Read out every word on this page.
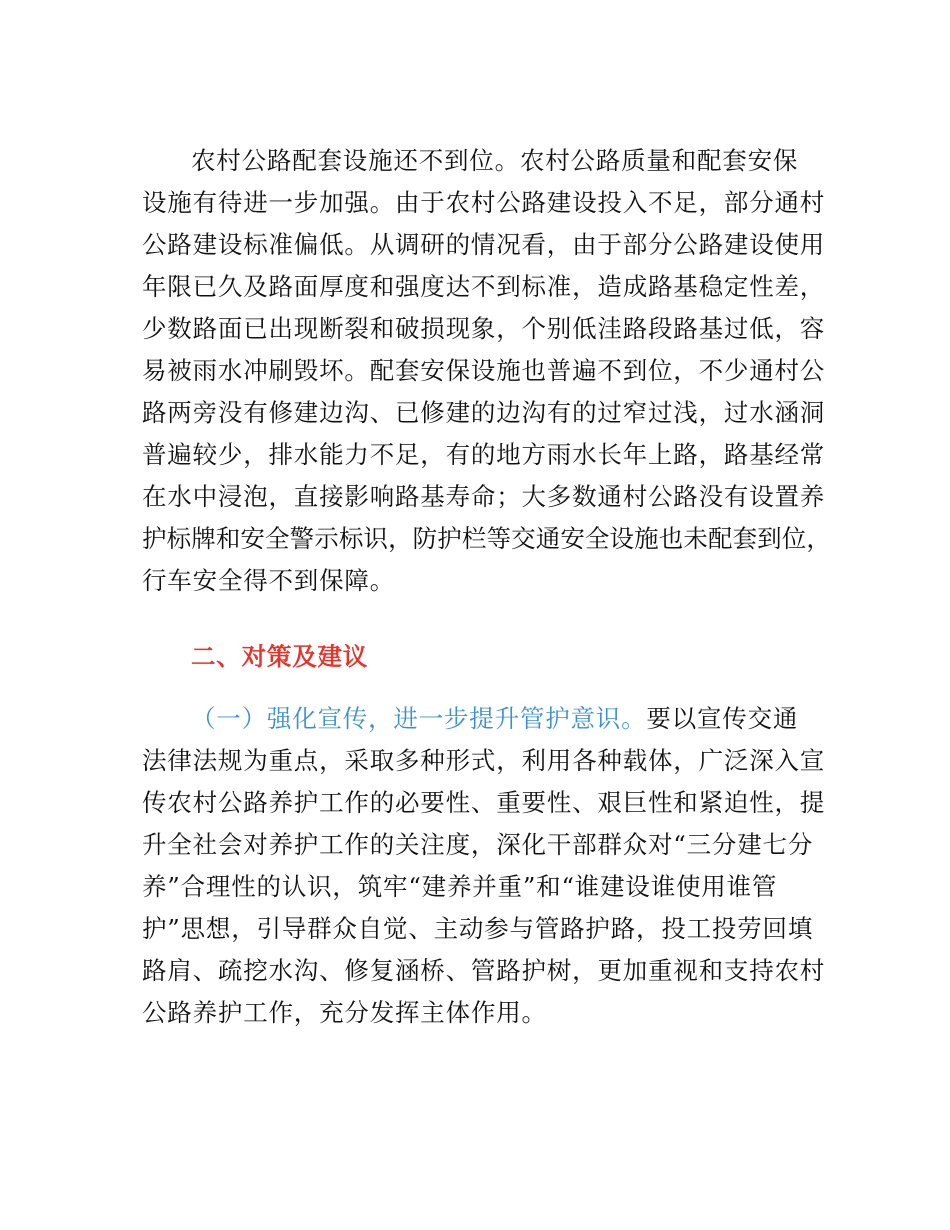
农村公路配套设施还不到位。农村公路质量和配套安保
设施有待进一步加强。由于农村公路建设投入不足，部分通村
公路建设标准偏低。从调研的情况看，由于部分公路建设使用
年限已久及路面厚度和强度达不到标准，造成路基稳定性差，
少数路面已出现断裂和破损现象，个别低洼路段路基过低，容
易被雨水冲刷毁坏。配套安保设施也普遍不到位，不少通村公
路两旁没有修建边沟、已修建的边沟有的过窄过浅，过水涵洞
普遍较少，排水能力不足，有的地方雨水长年上路，路基经常
在水中浸泡，直接影响路基寿命；大多数通村公路没有设置养
护标牌和安全警示标识，防护栏等交通安全设施也未配套到位，
行车安全得不到保障。
二、对策及建议
（一）强化宣传，进一步提升管护意识。要以宣传交通
法律法规为重点，采取多种形式，利用各种载体，广泛深入宣
传农村公路养护工作的必要性、重要性、艰巨性和紧迫性，提
升全社会对养护工作的关注度，深化干部群众对“三分建七分
养”合理性的认识，筑牢“建养并重”和“谁建设谁使用谁管
护”思想，引导群众自觉、主动参与管路护路，投工投劳回填
路肩、疏挖水沟、修复涵桥、管路护树，更加重视和支持农村
公路养护工作，充分发挥主体作用。
